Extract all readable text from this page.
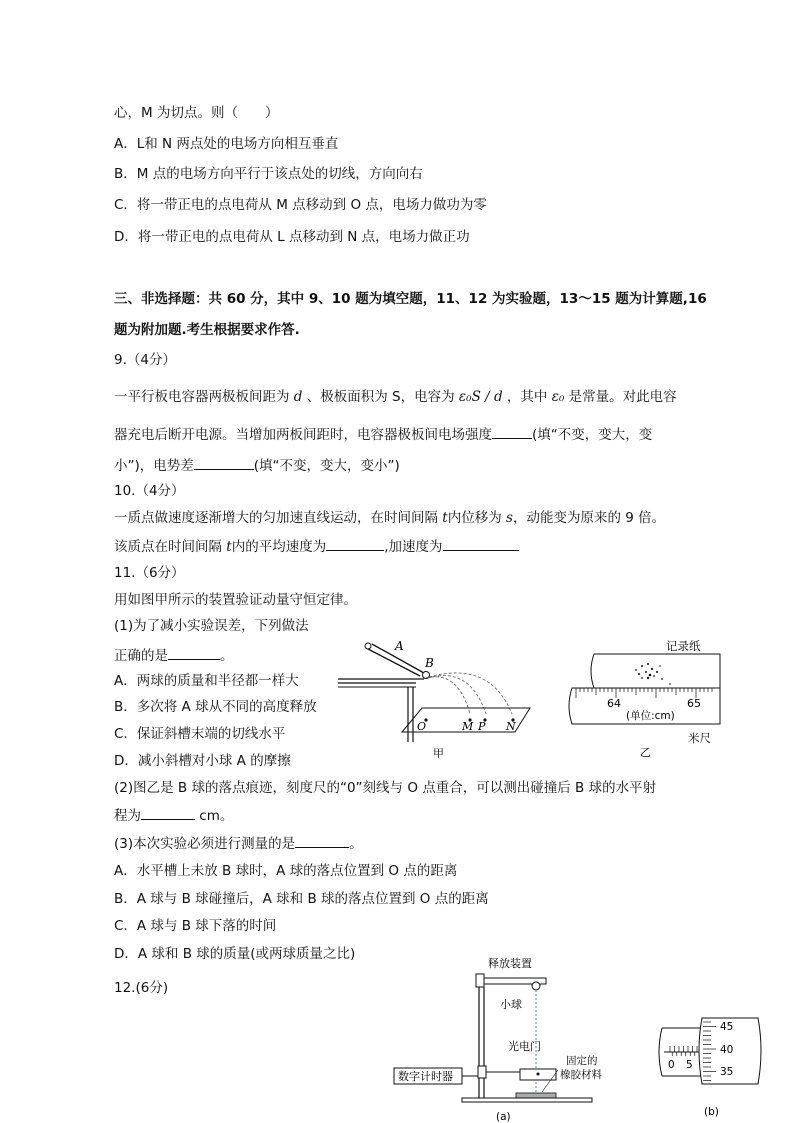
心，M 为切点。则（　　）
A．L和 N 两点处的电场方向相互垂直
B．M 点的电场方向平行于该点处的切线，方向向右
C．将一带正电的点电荷从 M 点移动到 O 点，电场力做功为零
D．将一带正电的点电荷从 L 点移动到 N 点，电场力做正功
三、非选择题：共 60 分，其中 9、10 题为填空题，11、12 为实验题，13～15 题为计算题,16
题为附加题.考生根据要求作答.
9.（4分）
一平行板电容器两极板间距为 d 、极板面积为 S，电容为 ε₀S / d ，其中 ε₀ 是常量。对此电容
器充电后断开电源。当增加两板间距时，电容器极板间电场强度	(填“不变，变大，变
小”)，电势差	(填“不变，变大，变小”)
10.（4分）
一质点做速度逐渐增大的匀加速直线运动，在时间间隔 t内位移为 s，动能变为原来的 9 倍。
该质点在时间间隔 t内的平均速度为	,加速度为
11.（6分）
用如图甲所示的装置验证动量守恒定律。
(1)为了减小实验误差，下列做法
正确的是	。
A．两球的质量和半径都一样大
B．多次将 A 球从不同的高度释放
C．保证斜槽末端的切线水平
D．减小斜槽对小球 A 的摩擦
(2)图乙是 B 球的落点痕迹，刻度尺的“0”刻线与 O 点重合，可以测出碰撞后 B 球的水平射
程为	cm。
(3)本次实验必须进行测量的是	。
A．水平槽上未放 B 球时，A 球的落点位置到 O 点的距离
B．A 球与 B 球碰撞后，A 球和 B 球的落点位置到 O 点的距离
C．A 球与 B 球下落的时间
D．A 球和 B 球的质量(或两球质量之比)
12.(6分)
A
B
O	M P N
甲
记录纸
64	65
(单位:cm)
米尺
乙
释放装置
小球
光电门
数字计时器
固定的
橡胶材料
(a)
0 5
45
40
35
(b)
